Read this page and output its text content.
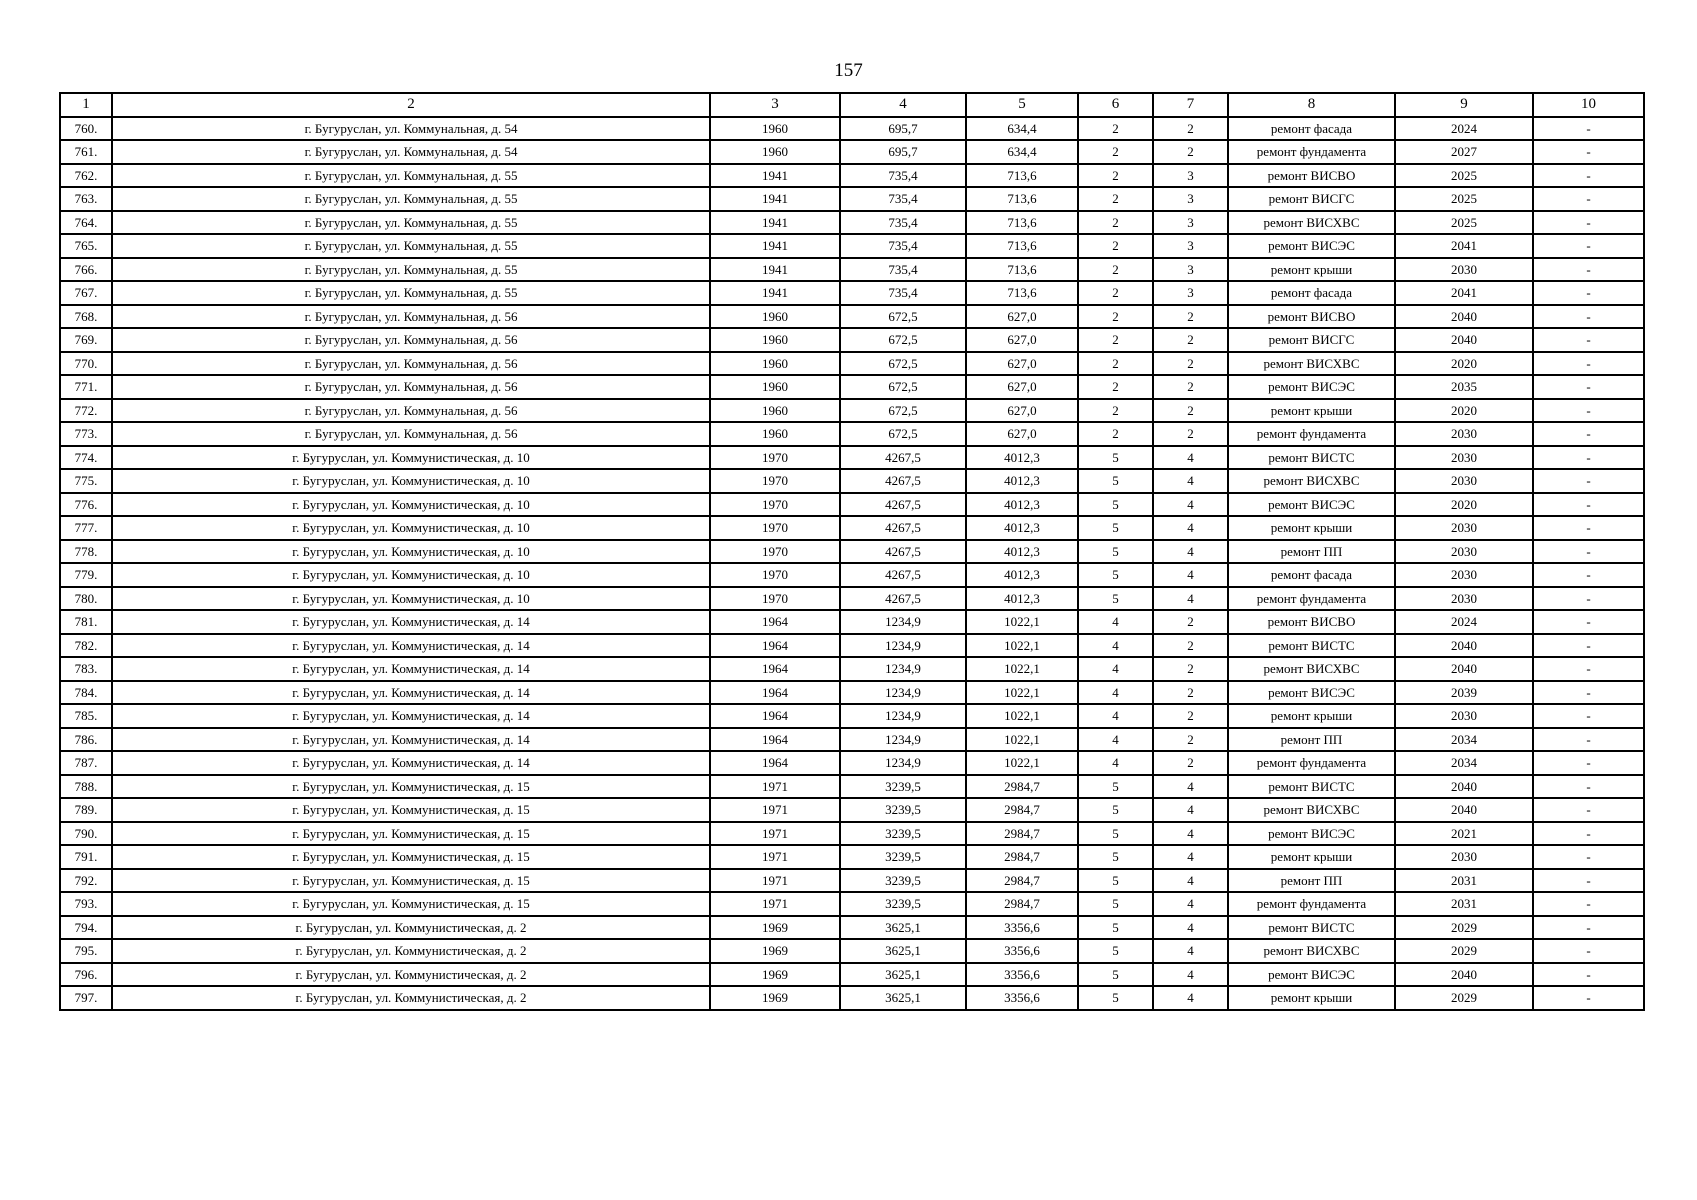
157
1	2	3	4	5	6	7	8	9	10
760.	г. Бугуруслан, ул. Коммунальная, д. 54	1960	695,7	634,4	2	2	ремонт фасада	2024	-
761.	г. Бугуруслан, ул. Коммунальная, д. 54	1960	695,7	634,4	2	2	ремонт фундамента	2027	-
762.	г. Бугуруслан, ул. Коммунальная, д. 55	1941	735,4	713,6	2	3	ремонт ВИСВО	2025	-
763.	г. Бугуруслан, ул. Коммунальная, д. 55	1941	735,4	713,6	2	3	ремонт ВИСГС	2025	-
764.	г. Бугуруслан, ул. Коммунальная, д. 55	1941	735,4	713,6	2	3	ремонт ВИСХВС	2025	-
765.	г. Бугуруслан, ул. Коммунальная, д. 55	1941	735,4	713,6	2	3	ремонт ВИСЭС	2041	-
766.	г. Бугуруслан, ул. Коммунальная, д. 55	1941	735,4	713,6	2	3	ремонт крыши	2030	-
767.	г. Бугуруслан, ул. Коммунальная, д. 55	1941	735,4	713,6	2	3	ремонт фасада	2041	-
768.	г. Бугуруслан, ул. Коммунальная, д. 56	1960	672,5	627,0	2	2	ремонт ВИСВО	2040	-
769.	г. Бугуруслан, ул. Коммунальная, д. 56	1960	672,5	627,0	2	2	ремонт ВИСГС	2040	-
770.	г. Бугуруслан, ул. Коммунальная, д. 56	1960	672,5	627,0	2	2	ремонт ВИСХВС	2020	-
771.	г. Бугуруслан, ул. Коммунальная, д. 56	1960	672,5	627,0	2	2	ремонт ВИСЭС	2035	-
772.	г. Бугуруслан, ул. Коммунальная, д. 56	1960	672,5	627,0	2	2	ремонт крыши	2020	-
773.	г. Бугуруслан, ул. Коммунальная, д. 56	1960	672,5	627,0	2	2	ремонт фундамента	2030	-
774.	г. Бугуруслан, ул. Коммунистическая, д. 10	1970	4267,5	4012,3	5	4	ремонт ВИСТС	2030	-
775.	г. Бугуруслан, ул. Коммунистическая, д. 10	1970	4267,5	4012,3	5	4	ремонт ВИСХВС	2030	-
776.	г. Бугуруслан, ул. Коммунистическая, д. 10	1970	4267,5	4012,3	5	4	ремонт ВИСЭС	2020	-
777.	г. Бугуруслан, ул. Коммунистическая, д. 10	1970	4267,5	4012,3	5	4	ремонт крыши	2030	-
778.	г. Бугуруслан, ул. Коммунистическая, д. 10	1970	4267,5	4012,3	5	4	ремонт ПП	2030	-
779.	г. Бугуруслан, ул. Коммунистическая, д. 10	1970	4267,5	4012,3	5	4	ремонт фасада	2030	-
780.	г. Бугуруслан, ул. Коммунистическая, д. 10	1970	4267,5	4012,3	5	4	ремонт фундамента	2030	-
781.	г. Бугуруслан, ул. Коммунистическая, д. 14	1964	1234,9	1022,1	4	2	ремонт ВИСВО	2024	-
782.	г. Бугуруслан, ул. Коммунистическая, д. 14	1964	1234,9	1022,1	4	2	ремонт ВИСТС	2040	-
783.	г. Бугуруслан, ул. Коммунистическая, д. 14	1964	1234,9	1022,1	4	2	ремонт ВИСХВС	2040	-
784.	г. Бугуруслан, ул. Коммунистическая, д. 14	1964	1234,9	1022,1	4	2	ремонт ВИСЭС	2039	-
785.	г. Бугуруслан, ул. Коммунистическая, д. 14	1964	1234,9	1022,1	4	2	ремонт крыши	2030	-
786.	г. Бугуруслан, ул. Коммунистическая, д. 14	1964	1234,9	1022,1	4	2	ремонт ПП	2034	-
787.	г. Бугуруслан, ул. Коммунистическая, д. 14	1964	1234,9	1022,1	4	2	ремонт фундамента	2034	-
788.	г. Бугуруслан, ул. Коммунистическая, д. 15	1971	3239,5	2984,7	5	4	ремонт ВИСТС	2040	-
789.	г. Бугуруслан, ул. Коммунистическая, д. 15	1971	3239,5	2984,7	5	4	ремонт ВИСХВС	2040	-
790.	г. Бугуруслан, ул. Коммунистическая, д. 15	1971	3239,5	2984,7	5	4	ремонт ВИСЭС	2021	-
791.	г. Бугуруслан, ул. Коммунистическая, д. 15	1971	3239,5	2984,7	5	4	ремонт крыши	2030	-
792.	г. Бугуруслан, ул. Коммунистическая, д. 15	1971	3239,5	2984,7	5	4	ремонт ПП	2031	-
793.	г. Бугуруслан, ул. Коммунистическая, д. 15	1971	3239,5	2984,7	5	4	ремонт фундамента	2031	-
794.	г. Бугуруслан, ул. Коммунистическая, д. 2	1969	3625,1	3356,6	5	4	ремонт ВИСТС	2029	-
795.	г. Бугуруслан, ул. Коммунистическая, д. 2	1969	3625,1	3356,6	5	4	ремонт ВИСХВС	2029	-
796.	г. Бугуруслан, ул. Коммунистическая, д. 2	1969	3625,1	3356,6	5	4	ремонт ВИСЭС	2040	-
797.	г. Бугуруслан, ул. Коммунистическая, д. 2	1969	3625,1	3356,6	5	4	ремонт крыши	2029	-
